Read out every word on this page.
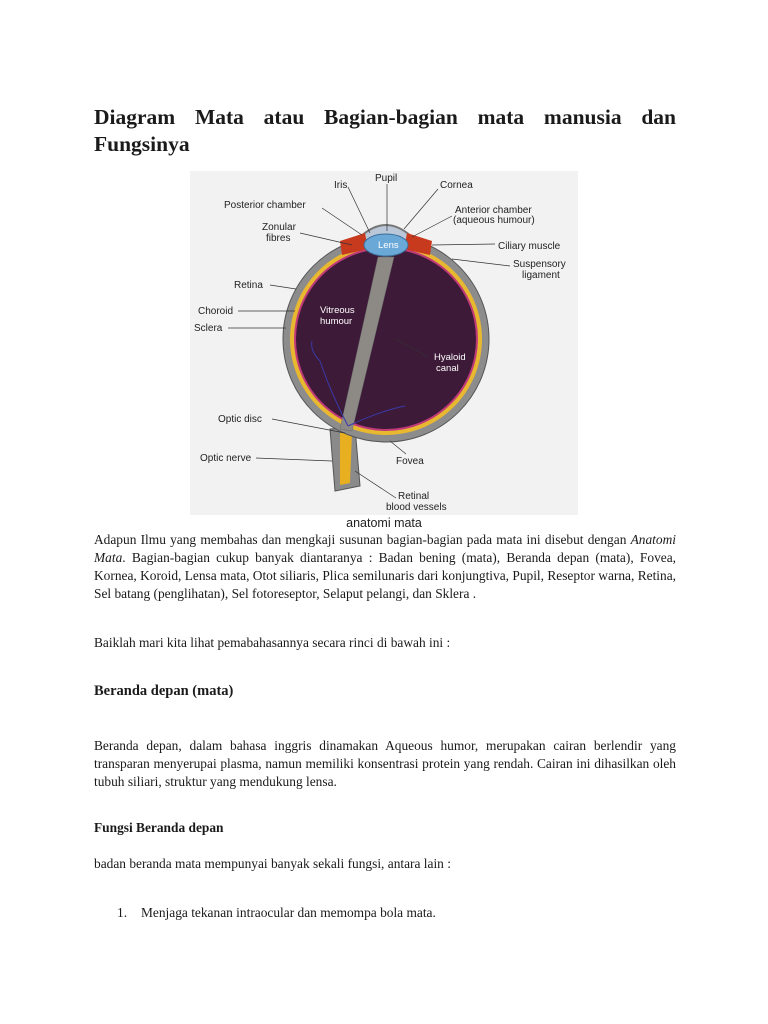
Diagram Mata atau Bagian-bagian mata manusia dan Fungsinya
Lens
Vitreous
humour
Hyaloid
canal
Pupil
Iris	Cornea
Posterior chamber	Anterior chamber
(aqueous humour)
Zonular
fibres
Ciliary muscle
Suspensory
ligament
Retina
Choroid
Sclera
Optic disc
Optic nerve	Fovea
Retinal
blood vessels
anatomi mata

Adapun Ilmu yang membahas dan mengkaji susunan bagian-bagian pada mata ini disebut dengan Anatomi Mata. Bagian-bagian cukup banyak diantaranya : Badan bening (mata), Beranda depan (mata), Fovea, Kornea, Koroid, Lensa mata, Otot siliaris, Plica semilunaris dari konjungtiva, Pupil, Reseptor warna, Retina, Sel batang (penglihatan), Sel fotoreseptor, Selaput pelangi, dan Sklera .

Baiklah mari kita lihat pemabahasannya secara rinci di bawah ini :

Beranda depan (mata)

Beranda depan, dalam bahasa inggris dinamakan Aqueous humor, merupakan cairan berlendir yang transparan menyerupai plasma, namun memiliki konsentrasi protein yang rendah. Cairan ini dihasilkan oleh tubuh siliari, struktur yang mendukung lensa.

Fungsi Beranda depan

badan beranda mata mempunyai banyak sekali fungsi, antara lain :

1. Menjaga tekanan intraocular dan memompa bola mata.
